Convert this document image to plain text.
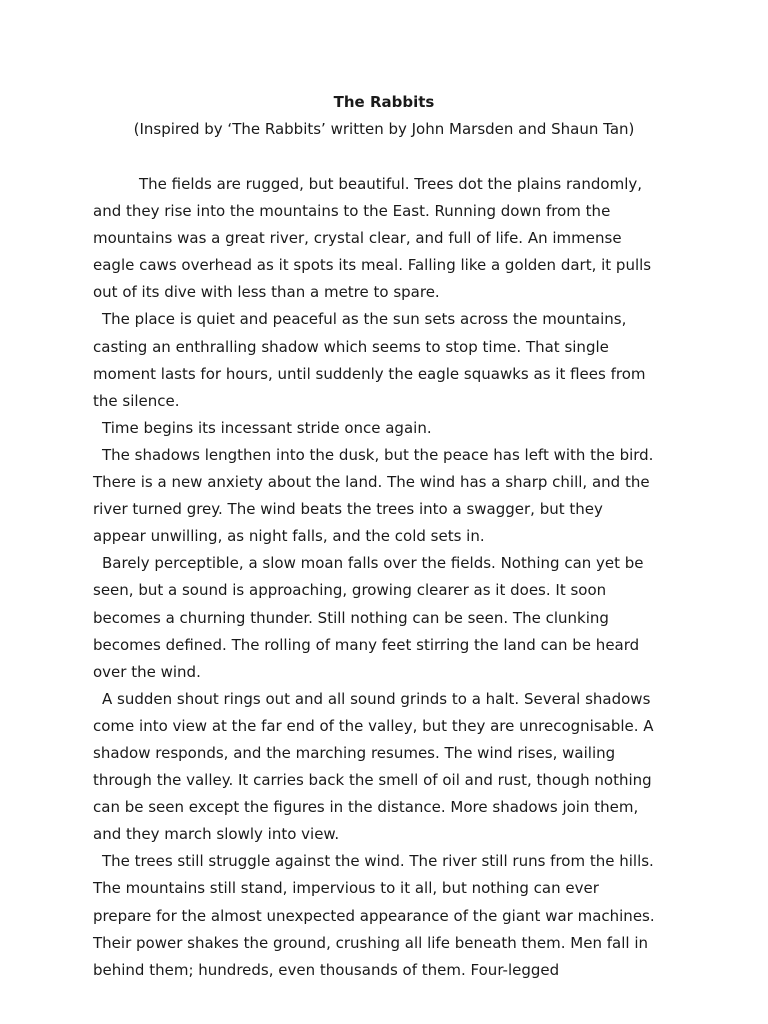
The Rabbits

(Inspired by ‘The Rabbits’ written by John Marsden and Shaun Tan)

The fields are rugged, but beautiful. Trees dot the plains randomly,
and they rise into the mountains to the East. Running down from the
mountains was a great river, crystal clear, and full of life. An immense
eagle caws overhead as it spots its meal. Falling like a golden dart, it pulls
out of its dive with less than a metre to spare.
The place is quiet and peaceful as the sun sets across the mountains,
casting an enthralling shadow which seems to stop time. That single
moment lasts for hours, until suddenly the eagle squawks as it flees from
the silence.
Time begins its incessant stride once again.
The shadows lengthen into the dusk, but the peace has left with the bird.
There is a new anxiety about the land. The wind has a sharp chill, and the
river turned grey. The wind beats the trees into a swagger, but they
appear unwilling, as night falls, and the cold sets in.
Barely perceptible, a slow moan falls over the fields. Nothing can yet be
seen, but a sound is approaching, growing clearer as it does. It soon
becomes a churning thunder. Still nothing can be seen. The clunking
becomes defined. The rolling of many feet stirring the land can be heard
over the wind.
A sudden shout rings out and all sound grinds to a halt. Several shadows
come into view at the far end of the valley, but they are unrecognisable. A
shadow responds, and the marching resumes. The wind rises, wailing
through the valley. It carries back the smell of oil and rust, though nothing
can be seen except the figures in the distance. More shadows join them,
and they march slowly into view.
The trees still struggle against the wind. The river still runs from the hills.
The mountains still stand, impervious to it all, but nothing can ever
prepare for the almost unexpected appearance of the giant war machines.
Their power shakes the ground, crushing all life beneath them. Men fall in
behind them; hundreds, even thousands of them. Four-legged
